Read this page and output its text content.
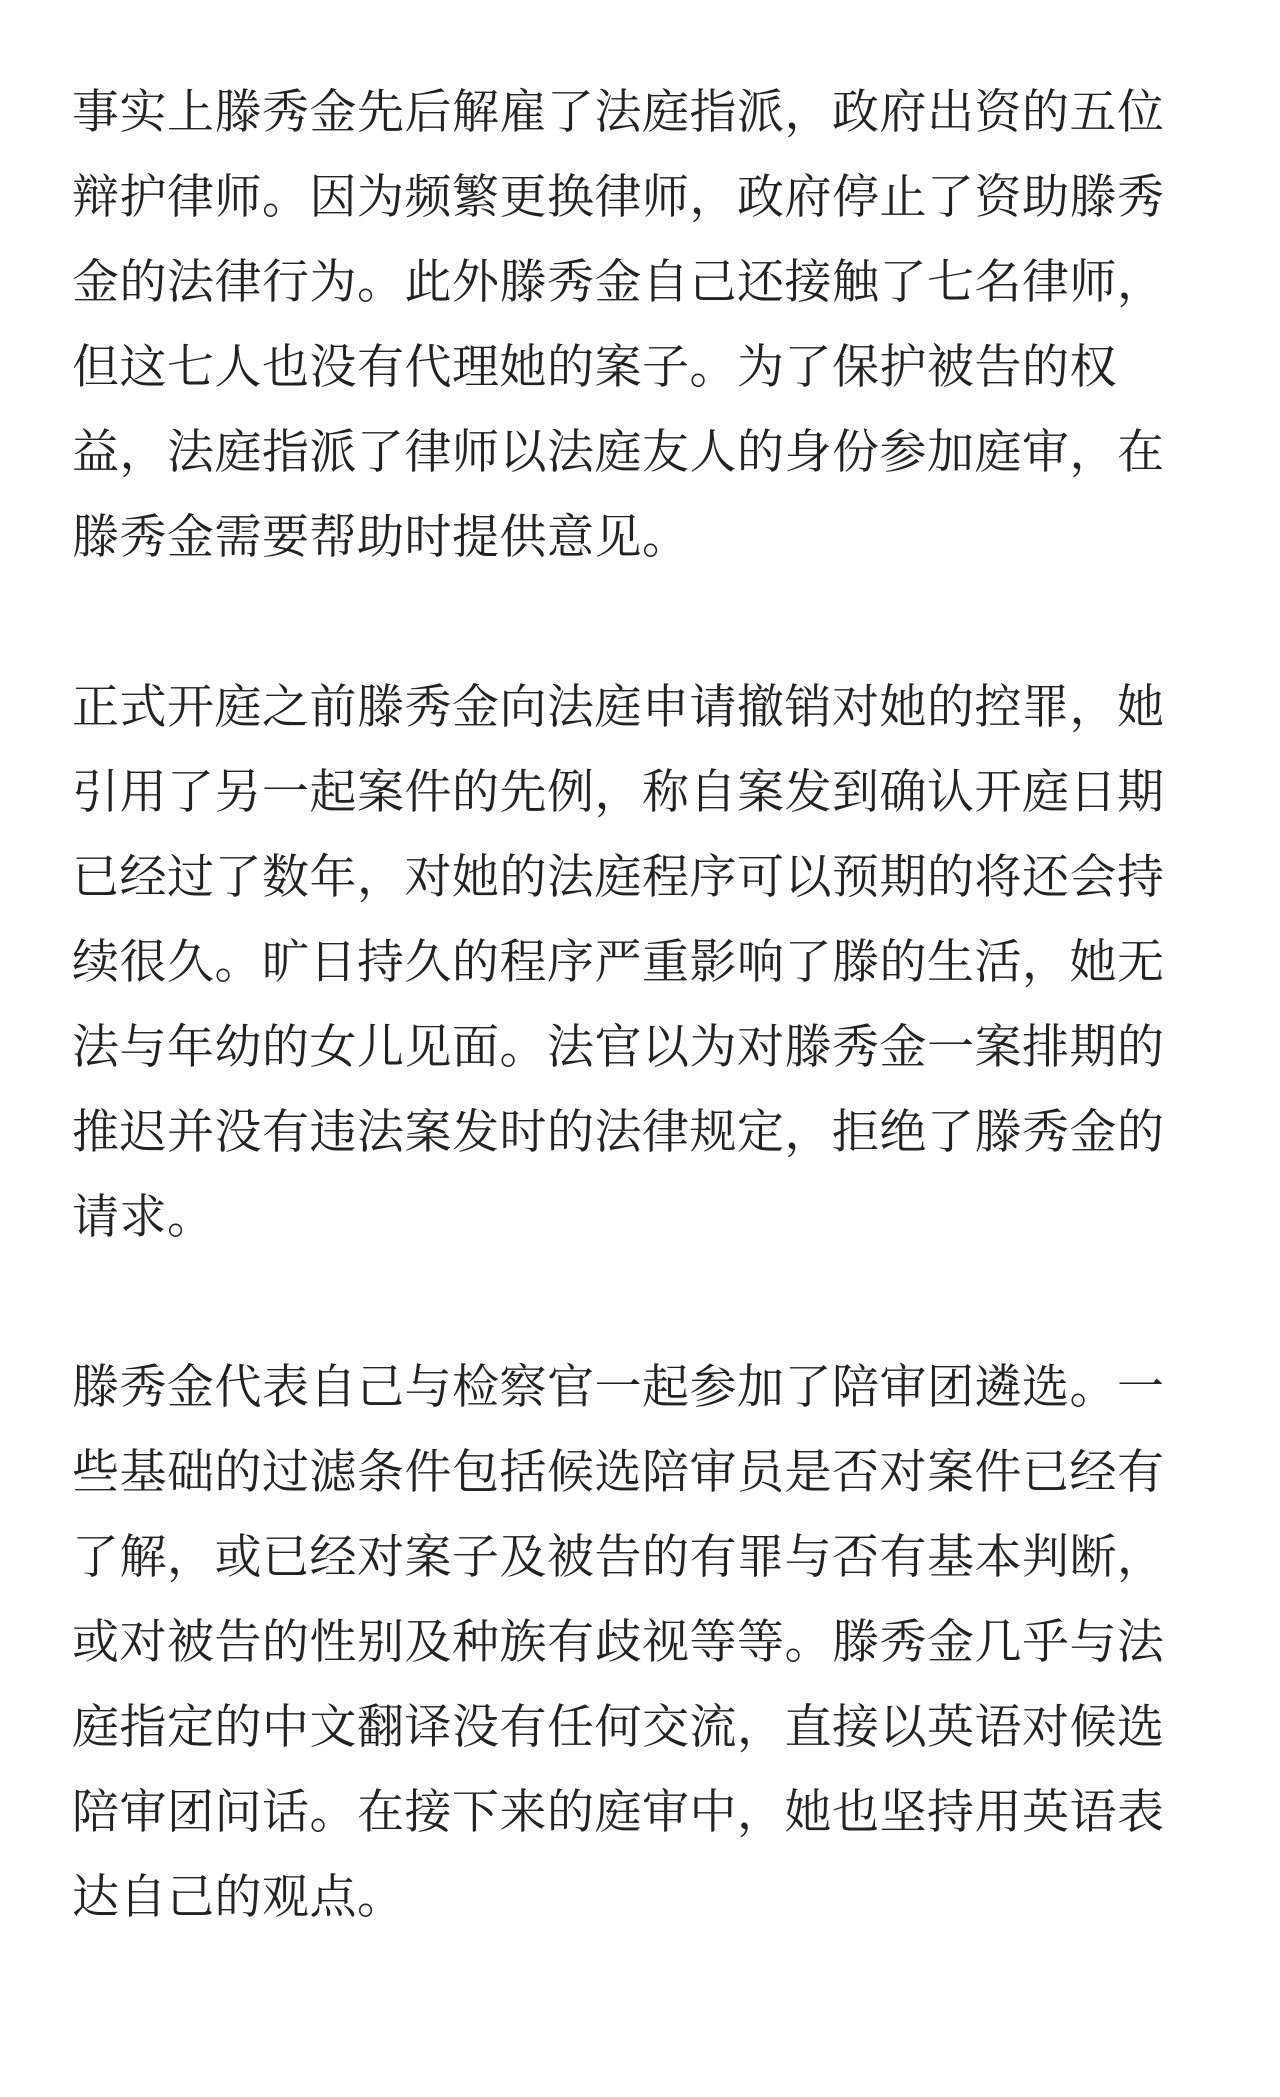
事实上滕秀金先后解雇了法庭指派，政府出资的五位
辩护律师。因为频繁更换律师，政府停止了资助滕秀
金的法律行为。此外滕秀金自己还接触了七名律师，
但这七人也没有代理她的案子。为了保护被告的权
益，法庭指派了律师以法庭友人的身份参加庭审，在
滕秀金需要帮助时提供意见。

正式开庭之前滕秀金向法庭申请撤销对她的控罪，她
引用了另一起案件的先例，称自案发到确认开庭日期
已经过了数年，对她的法庭程序可以预期的将还会持
续很久。旷日持久的程序严重影响了滕的生活，她无
法与年幼的女儿见面。法官以为对滕秀金一案排期的
推迟并没有违法案发时的法律规定，拒绝了滕秀金的
请求。

滕秀金代表自己与检察官一起参加了陪审团遴选。一
些基础的过滤条件包括候选陪审员是否对案件已经有
了解，或已经对案子及被告的有罪与否有基本判断，
或对被告的性别及种族有歧视等等。滕秀金几乎与法
庭指定的中文翻译没有任何交流，直接以英语对候选
陪审团问话。在接下来的庭审中，她也坚持用英语表
达自己的观点。
